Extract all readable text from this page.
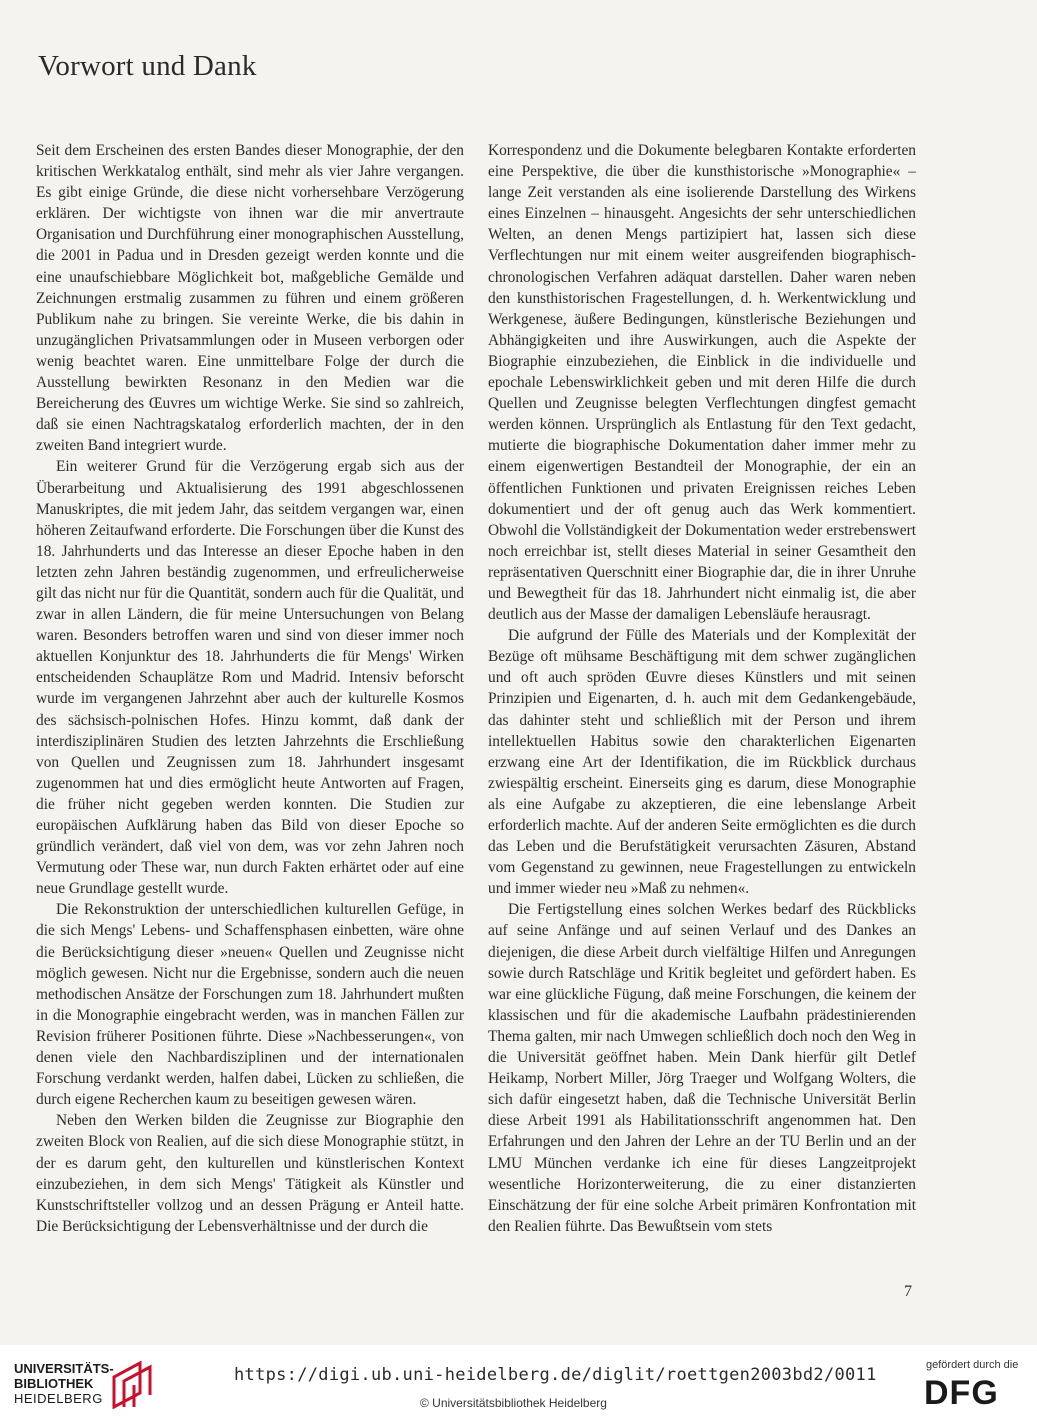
Vorwort und Dank

Seit dem Erscheinen des ersten Bandes dieser Monographie, der den kritischen Werkkatalog enthält, sind mehr als vier Jahre vergangen. Es gibt einige Gründe, die diese nicht vorhersehbare Verzögerung erklären. Der wichtigste von ihnen war die mir anvertraute Organisation und Durchführung einer monographischen Ausstellung, die 2001 in Padua und in Dresden gezeigt werden konnte und die eine unaufschiebbare Möglichkeit bot, maßgebliche Gemälde und Zeichnungen erstmalig zusammen zu führen und einem größeren Publikum nahe zu bringen. Sie vereinte Werke, die bis dahin in unzugänglichen Privatsammlungen oder in Museen verborgen oder wenig beachtet waren. Eine unmittelbare Folge der durch die Ausstellung bewirkten Resonanz in den Medien war die Bereicherung des Œuvres um wichtige Werke. Sie sind so zahlreich, daß sie einen Nachtragskatalog erforderlich machten, der in den zweiten Band integriert wurde.

Ein weiterer Grund für die Verzögerung ergab sich aus der Überarbeitung und Aktualisierung des 1991 abgeschlossenen Manuskriptes, die mit jedem Jahr, das seitdem vergangen war, einen höheren Zeitaufwand erforderte. Die Forschungen über die Kunst des 18. Jahrhunderts und das Interesse an dieser Epoche haben in den letzten zehn Jahren beständig zugenommen, und erfreulicherweise gilt das nicht nur für die Quantität, sondern auch für die Qualität, und zwar in allen Ländern, die für meine Untersuchungen von Belang waren. Besonders betroffen waren und sind von dieser immer noch aktuellen Konjunktur des 18. Jahrhunderts die für Mengs' Wirken entscheidenden Schauplätze Rom und Madrid. Intensiv beforscht wurde im vergangenen Jahrzehnt aber auch der kulturelle Kosmos des sächsisch-polnischen Hofes. Hinzu kommt, daß dank der interdisziplinären Studien des letzten Jahrzehnts die Erschließung von Quellen und Zeugnissen zum 18. Jahrhundert insgesamt zugenommen hat und dies ermöglicht heute Antworten auf Fragen, die früher nicht gegeben werden konnten. Die Studien zur europäischen Aufklärung haben das Bild von dieser Epoche so gründlich verändert, daß viel von dem, was vor zehn Jahren noch Vermutung oder These war, nun durch Fakten erhärtet oder auf eine neue Grundlage gestellt wurde.

Die Rekonstruktion der unterschiedlichen kulturellen Gefüge, in die sich Mengs' Lebens- und Schaffensphasen einbetten, wäre ohne die Berücksichtigung dieser »neuen« Quellen und Zeugnisse nicht möglich gewesen. Nicht nur die Ergebnisse, sondern auch die neuen methodischen Ansätze der Forschungen zum 18. Jahrhundert mußten in die Monographie eingebracht werden, was in manchen Fällen zur Revision früherer Positionen führte. Diese »Nachbesserungen«, von denen viele den Nachbardisziplinen und der internationalen Forschung verdankt werden, halfen dabei, Lücken zu schließen, die durch eigene Recherchen kaum zu beseitigen gewesen wären.

Neben den Werken bilden die Zeugnisse zur Biographie den zweiten Block von Realien, auf die sich diese Monographie stützt, in der es darum geht, den kulturellen und künstlerischen Kontext einzubeziehen, in dem sich Mengs' Tätigkeit als Künstler und Kunstschriftsteller vollzog und an dessen Prägung er Anteil hatte. Die Berücksichtigung der Lebensverhältnisse und der durch die

Korrespondenz und die Dokumente belegbaren Kontakte erforderten eine Perspektive, die über die kunsthistorische »Monographie« – lange Zeit verstanden als eine isolierende Darstellung des Wirkens eines Einzelnen – hinausgeht. Angesichts der sehr unterschiedlichen Welten, an denen Mengs partizipiert hat, lassen sich diese Verflechtungen nur mit einem weiter ausgreifenden biographisch-chronologischen Verfahren adäquat darstellen. Daher waren neben den kunsthistorischen Fragestellungen, d. h. Werkentwicklung und Werkgenese, äußere Bedingungen, künstlerische Beziehungen und Abhängigkeiten und ihre Auswirkungen, auch die Aspekte der Biographie einzubeziehen, die Einblick in die individuelle und epochale Lebenswirklichkeit geben und mit deren Hilfe die durch Quellen und Zeugnisse belegten Verflechtungen dingfest gemacht werden können. Ursprünglich als Entlastung für den Text gedacht, mutierte die biographische Dokumentation daher immer mehr zu einem eigenwertigen Bestandteil der Monographie, der ein an öffentlichen Funktionen und privaten Ereignissen reiches Leben dokumentiert und der oft genug auch das Werk kommentiert. Obwohl die Vollständigkeit der Dokumentation weder erstrebenswert noch erreichbar ist, stellt dieses Material in seiner Gesamtheit den repräsentativen Querschnitt einer Biographie dar, die in ihrer Unruhe und Bewegtheit für das 18. Jahrhundert nicht einmalig ist, die aber deutlich aus der Masse der damaligen Lebensläufe herausragt.

Die aufgrund der Fülle des Materials und der Komplexität der Bezüge oft mühsame Beschäftigung mit dem schwer zugänglichen und oft auch spröden Œuvre dieses Künstlers und mit seinen Prinzipien und Eigenarten, d. h. auch mit dem Gedankengebäude, das dahinter steht und schließlich mit der Person und ihrem intellektuellen Habitus sowie den charakterlichen Eigenarten erzwang eine Art der Identifikation, die im Rückblick durchaus zwiespältig erscheint. Einerseits ging es darum, diese Monographie als eine Aufgabe zu akzeptieren, die eine lebenslange Arbeit erforderlich machte. Auf der anderen Seite ermöglichten es die durch das Leben und die Berufstätigkeit verursachten Zäsuren, Abstand vom Gegenstand zu gewinnen, neue Fragestellungen zu entwickeln und immer wieder neu »Maß zu nehmen«.

Die Fertigstellung eines solchen Werkes bedarf des Rückblicks auf seine Anfänge und auf seinen Verlauf und des Dankes an diejenigen, die diese Arbeit durch vielfältige Hilfen und Anregungen sowie durch Ratschläge und Kritik begleitet und gefördert haben. Es war eine glückliche Fügung, daß meine Forschungen, die keinem der klassischen und für die akademische Laufbahn prädestinierenden Thema galten, mir nach Umwegen schließlich doch noch den Weg in die Universität geöffnet haben. Mein Dank hierfür gilt Detlef Heikamp, Norbert Miller, Jörg Traeger und Wolfgang Wolters, die sich dafür eingesetzt haben, daß die Technische Universität Berlin diese Arbeit 1991 als Habilitationsschrift angenommen hat. Den Erfahrungen und den Jahren der Lehre an der TU Berlin und an der LMU München verdanke ich eine für dieses Langzeitprojekt wesentliche Horizonterweiterung, die zu einer distanzierten Einschätzung der für eine solche Arbeit primären Konfrontation mit den Realien führte. Das Bewußtsein vom stets

7
UNIVERSITÄTS-
BIBLIOTHEK
HEIDELBERG
https://digi.ub.uni-heidelberg.de/diglit/roettgen2003bd2/0011
© Universitätsbibliothek Heidelberg
gefördert durch die
DFG
